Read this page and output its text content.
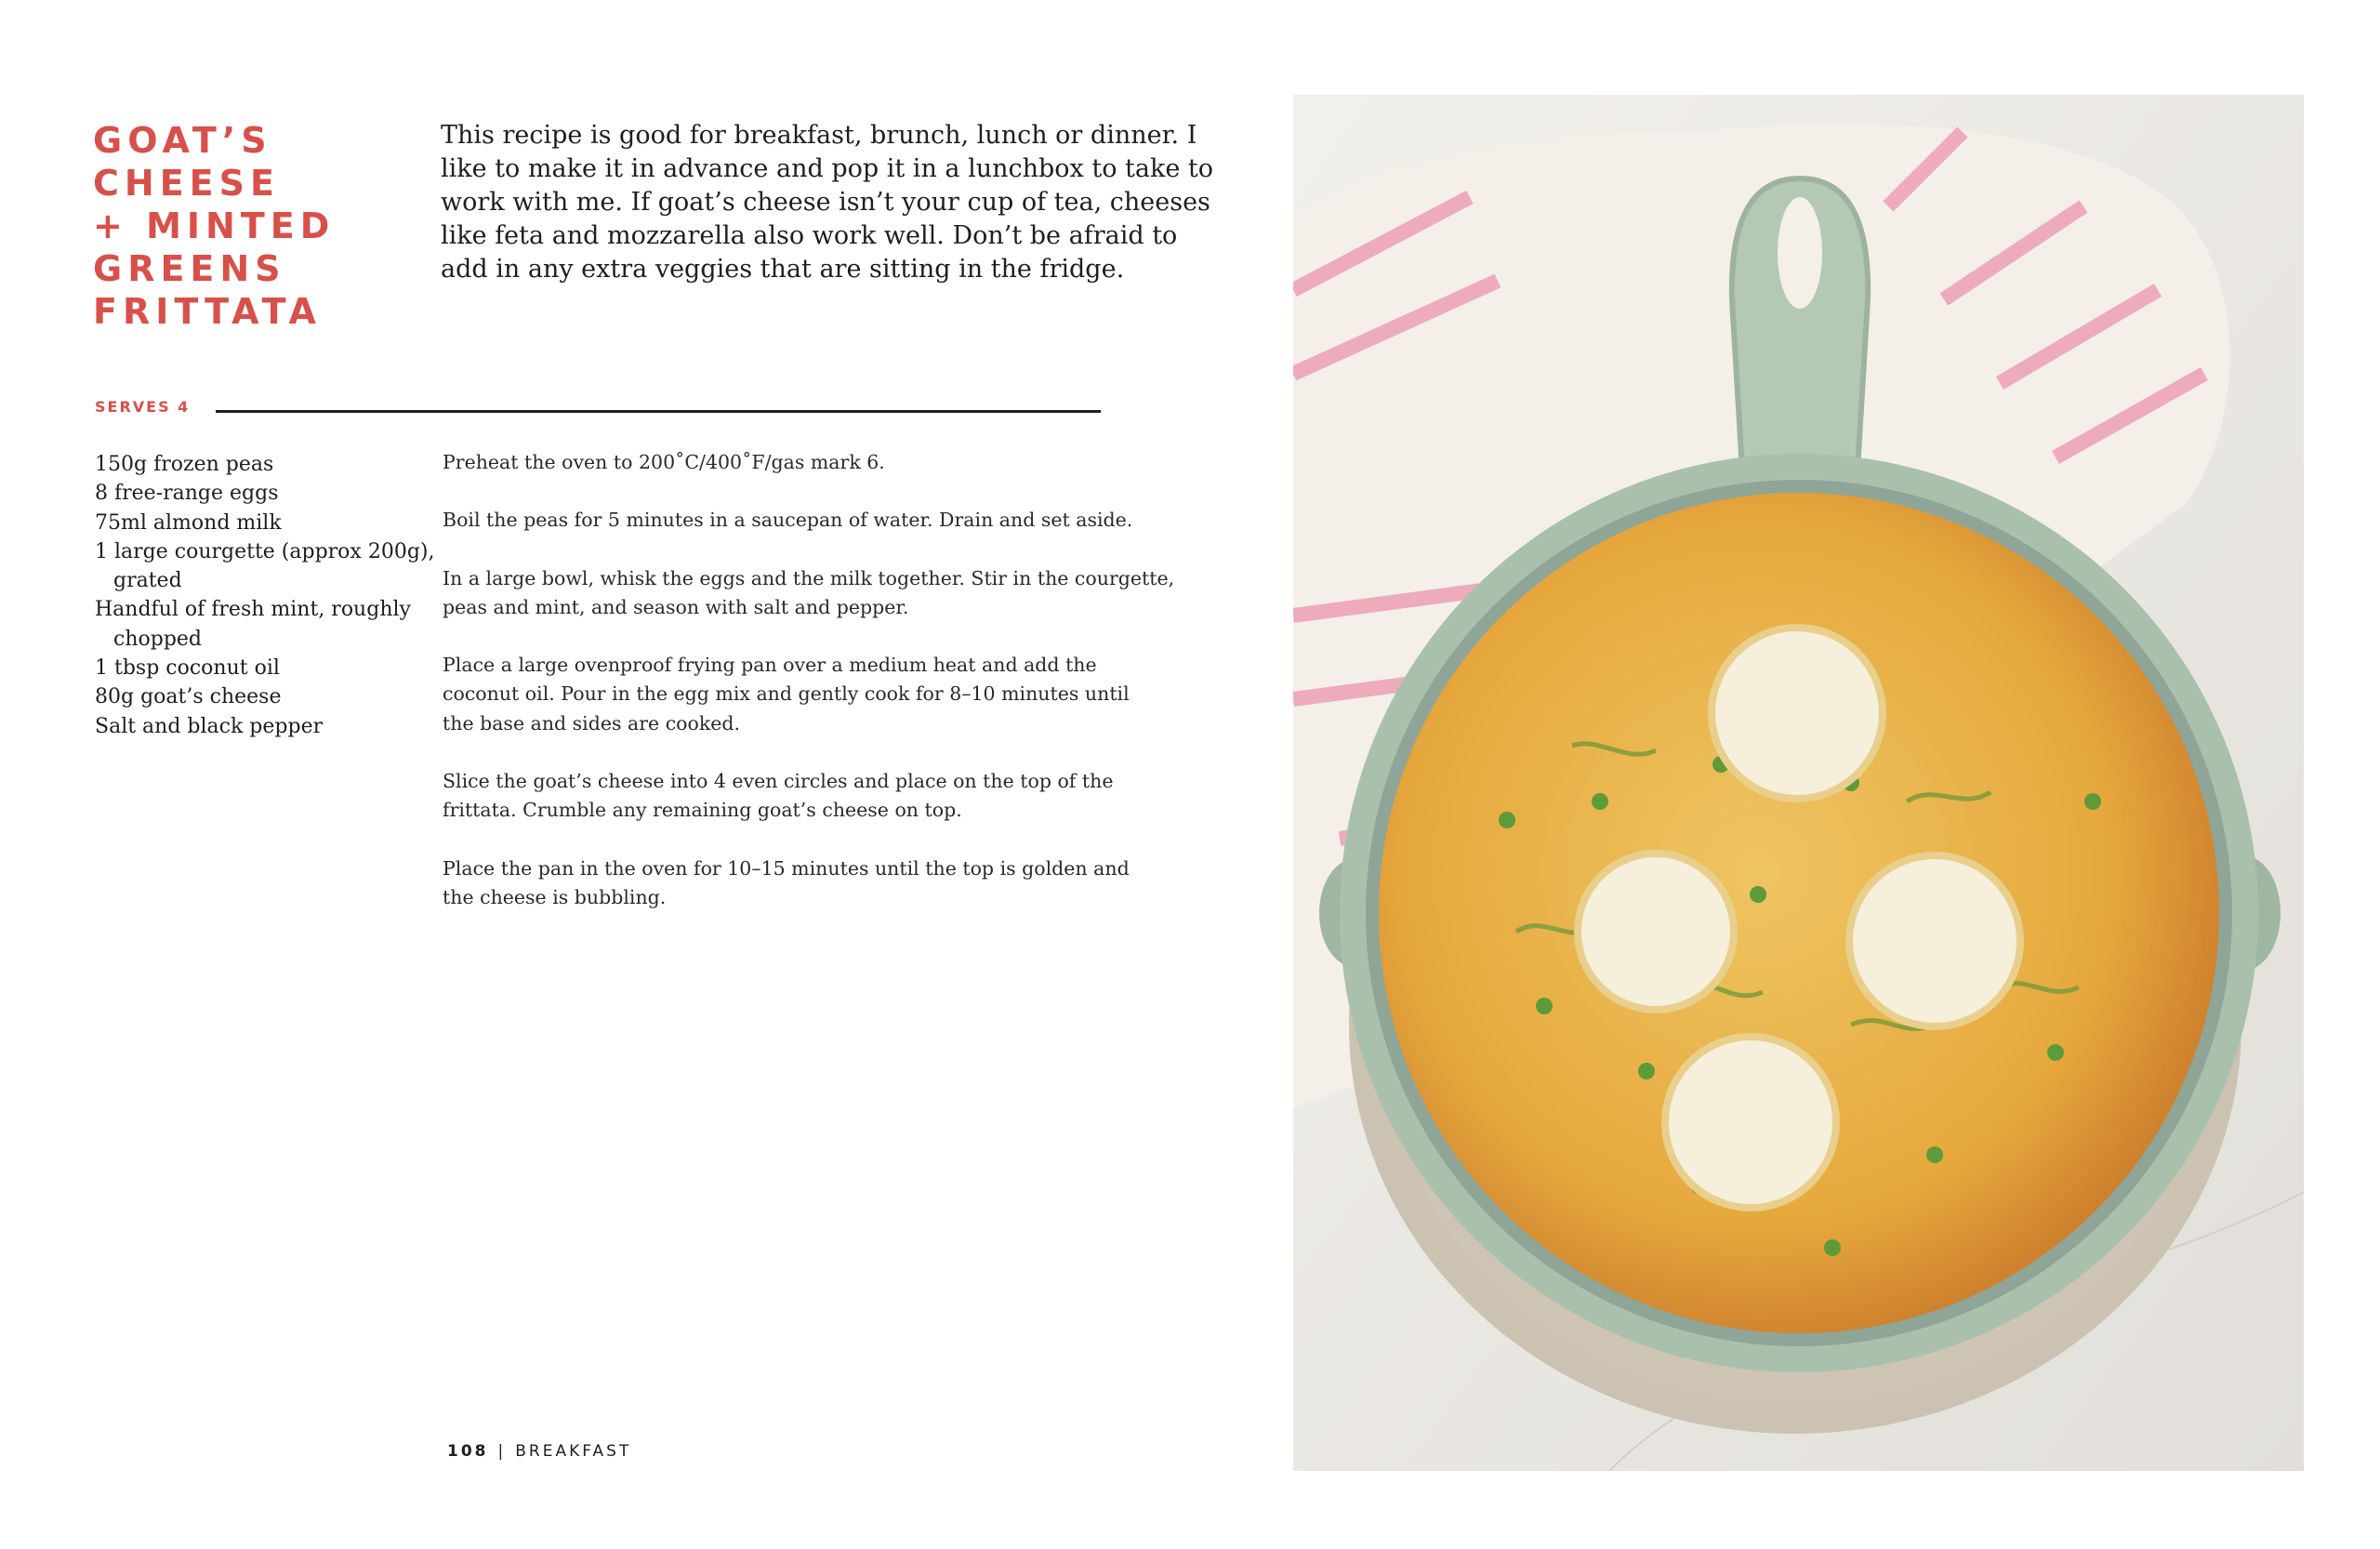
GOAT’S
CHEESE
+ MINTED
GREENS
FRITTATA

This recipe is good for breakfast, brunch, lunch or dinner. I
like to make it in advance and pop it in a lunchbox to take to
work with me. If goat’s cheese isn’t your cup of tea, cheeses
like feta and mozzarella also work well. Don’t be afraid to
add in any extra veggies that are sitting in the fridge.

SERVES 4
150g frozen peas
8 free-range eggs
75ml almond milk
1 large courgette (approx 200g),
grated
Handful of fresh mint, roughly
chopped
1 tbsp coconut oil
80g goat’s cheese
Salt and black pepper

Preheat the oven to 200˚C/400˚F/gas mark 6.

Boil the peas for 5 minutes in a saucepan of water. Drain and set aside.

In a large bowl, whisk the eggs and the milk together. Stir in the courgette,
peas and mint, and season with salt and pepper.

Place a large ovenproof frying pan over a medium heat and add the
coconut oil. Pour in the egg mix and gently cook for 8–10 minutes until
the base and sides are cooked.

Slice the goat’s cheese into 4 even circles and place on the top of the
frittata. Crumble any remaining goat’s cheese on top.

Place the pan in the oven for 10–15 minutes until the top is golden and
the cheese is bubbling.

108 | BREAKFAST
